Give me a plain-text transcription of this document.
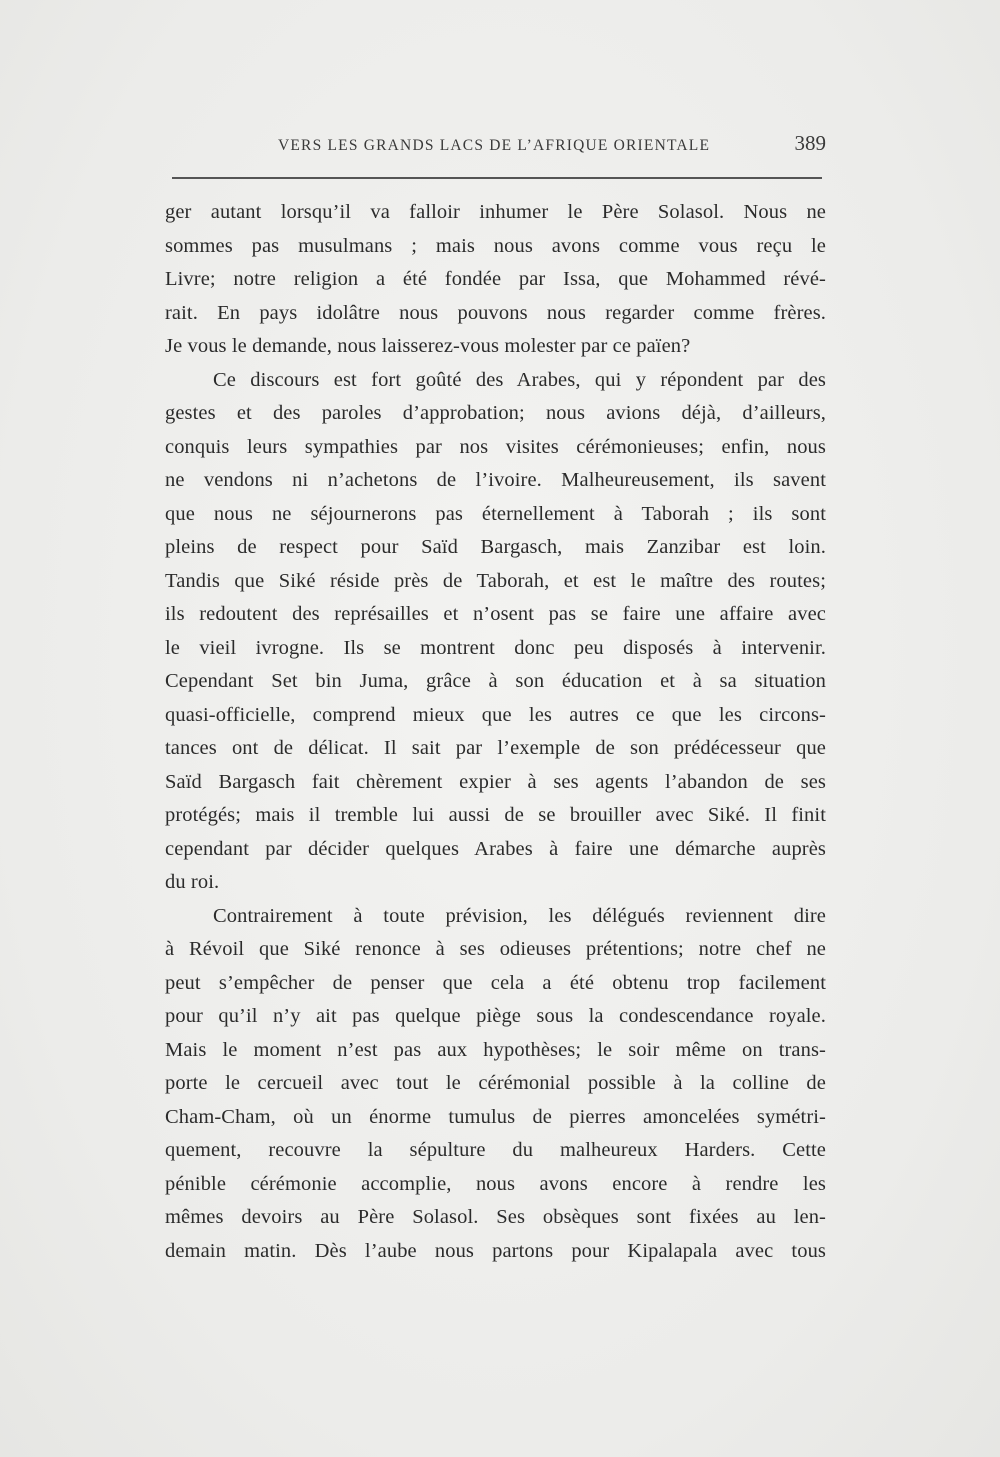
VERS LES GRANDS LACS DE L’AFRIQUE ORIENTALE	389
ger autant lorsqu’il va falloir inhumer le Père Solasol. Nous ne
sommes pas musulmans ; mais nous avons comme vous reçu le
Livre; notre religion a été fondée par Issa, que Mohammed révé-
rait. En pays idolâtre nous pouvons nous regarder comme frères.
Je vous le demande, nous laisserez-vous molester par ce païen?
Ce discours est fort goûté des Arabes, qui y répondent par des
gestes et des paroles d’approbation; nous avions déjà, d’ailleurs,
conquis leurs sympathies par nos visites cérémonieuses; enfin, nous
ne vendons ni n’achetons de l’ivoire. Malheureusement, ils savent
que nous ne séjournerons pas éternellement à Taborah ; ils sont
pleins de respect pour Saïd Bargasch, mais Zanzibar est loin.
Tandis que Siké réside près de Taborah, et est le maître des routes;
ils redoutent des représailles et n’osent pas se faire une affaire avec
le vieil ivrogne. Ils se montrent donc peu disposés à intervenir.
Cependant Set bin Juma, grâce à son éducation et à sa situation
quasi-officielle, comprend mieux que les autres ce que les circons-
tances ont de délicat. Il sait par l’exemple de son prédécesseur que
Saïd Bargasch fait chèrement expier à ses agents l’abandon de ses
protégés; mais il tremble lui aussi de se brouiller avec Siké. Il finit
cependant par décider quelques Arabes à faire une démarche auprès
du roi.
Contrairement à toute prévision, les délégués reviennent dire
à Révoil que Siké renonce à ses odieuses prétentions; notre chef ne
peut s’empêcher de penser que cela a été obtenu trop facilement
pour qu’il n’y ait pas quelque piège sous la condescendance royale.
Mais le moment n’est pas aux hypothèses; le soir même on trans-
porte le cercueil avec tout le cérémonial possible à la colline de
Cham-Cham, où un énorme tumulus de pierres amoncelées symétri-
quement, recouvre la sépulture du malheureux Harders. Cette
pénible cérémonie accomplie, nous avons encore à rendre les
mêmes devoirs au Père Solasol. Ses obsèques sont fixées au len-
demain matin. Dès l’aube nous partons pour Kipalapala avec tous
